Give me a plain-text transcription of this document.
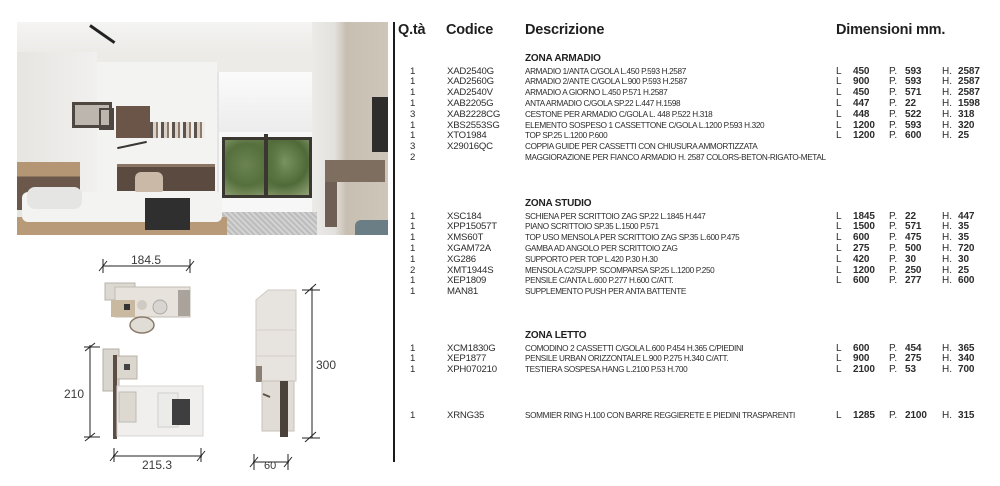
184.5
210
215.3
300
60
Q.tà Codice Descrizione	Dimensioni mm.
ZONA ARMADIO
1	XAD2540G	ARMADIO 1/ANTA C/GOLA L.450 P.593 H.2587	L 450 P. 593 H. 2587
1	XAD2560G	ARMADIO 2/ANTE C/GOLA L.900 P.593 H.2587	L 900 P. 593 H. 2587
1	XAD2540V	ARMADIO A GIORNO L.450 P.571 H.2587	L 450 P. 571 H. 2587
1	XAB2205G	ANTA ARMADIO C/GOLA SP.22 L.447 H.1598	L 447 P. 22	H. 1598
3	XAB2228CG	CESTONE PER ARMADIO C/GOLA L. 448 P.522 H.318	L 448 P. 522 H. 318
1	XBS2553SG	ELEMENTO SOSPESO 1 CASSETTONE C/GOLA L.1200 P.593 H.320	L 1200 P. 593 H. 320
1	XTO1984	TOP SP.25 L.1200 P.600	L 1200 P. 600 H. 25
3	X29016QC	COPPIA GUIDE PER CASSETTI CON CHIUSURA AMMORTIZZATA
2	MAGGIORAZIONE PER FIANCO ARMADIO H. 2587 COLORS-BETON-RIGATO-METAL
ZONA STUDIO
1	XSC184	SCHIENA PER SCRITTOIO ZAG SP.22 L.1845 H.447	L 1845 P. 22	H. 447
1	XPP15057T	PIANO SCRITTOIO SP.35 L.1500 P.571	L 1500 P. 571 H. 35
1	XMS60T	TOP USO MENSOLA PER SCRITTOIO ZAG SP.35 L.600 P.475	L 600 P. 475 H. 35
1	XGAM72A	GAMBA AD ANGOLO PER SCRITTOIO ZAG	L 275 P. 500 H. 720
1	XG286	SUPPORTO PER TOP L.420 P.30 H.30	L 420 P. 30	H. 30
2	XMT1944S	MENSOLA C2/SUPP. SCOMPARSA SP.25 L.1200 P.250	L 1200 P. 250 H. 25
1	XEP1809	PENSILE C/ANTA L.600 P.277 H.600 C/ATT.	L 600 P. 277 H. 600
1	MAN81	SUPPLEMENTO PUSH PER ANTA BATTENTE
ZONA LETTO
1	XCM1830G	COMODINO 2 CASSETTI C/GOLA L.600 P.454 H.365 C/PIEDINI	L 600 P. 454 H. 365
1	XEP1877	PENSILE URBAN ORIZZONTALE L.900 P.275 H.340 C/ATT.	L 900 P. 275 H. 340
1	XPH070210	TESTIERA SOSPESA HANG L.2100 P.53 H.700	L 2100 P. 53	H. 700
1	XRNG35	SOMMIER RING H.100 CON BARRE REGGIERETE E PIEDINI TRASPARENTI	L 1285 P. 2100 H. 315
